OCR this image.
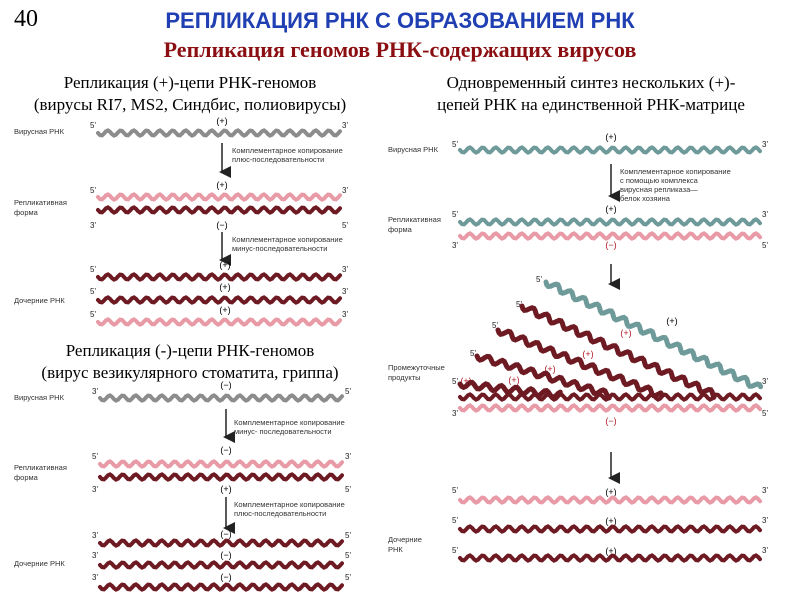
40	РЕПЛИКАЦИЯ РНК С ОБРАЗОВАНИЕМ РНК
Репликация геномов РНК-содержащих вирусов
Репликация (+)-цепи РНК-геномов
(вирусы RI7, MS2, Синдбис, полиовирусы)
Репликация (-)-цепи РНК-геномов
(вирус везикулярного стоматита, гриппа)
Одновременный синтез нескольких (+)-
цепей РНК на единственной РНК-матрице
Вирусная РНК
Репликативная
форма
Дочерние РНК
Вирусная РНК
Репликативная
форма
Дочерние РНК
Вирусная РНК
Репликативная
форма
Промежуточные
продукты
Дочерние
РНК
Комплементарное копирование
плюс-последовательности
Комплементарное копирование
минус-последовательности
Комплементарное копирование
минус- последовательности
Комплементарное копирование
плюс-последовательности
Комплементарное копирование
с помощью комплекса
вирусная репликаза—
белок хозяина
5'	3'
5'	3'
3'	5'
5'	3'
5'	3'
5'	3'
3'	5'
5'	3'
3'	5'
3'	5'
3'	5'
3'	5'
5'	3'
5'	3'
3'	5'
5'
5'
5'
5'
5'	3'
3'	5'
5'	3'
5'	3'
5'	3'
(+)
(+)
(−)
(+)
(+)
(+)
(−)
(−)
(+)
(−)
(−)
(−)
(+)
(+)
(−)
(+)
(+)
(+)
(+)
(+)
(+)
(−)
(+)
(+)
(+)
